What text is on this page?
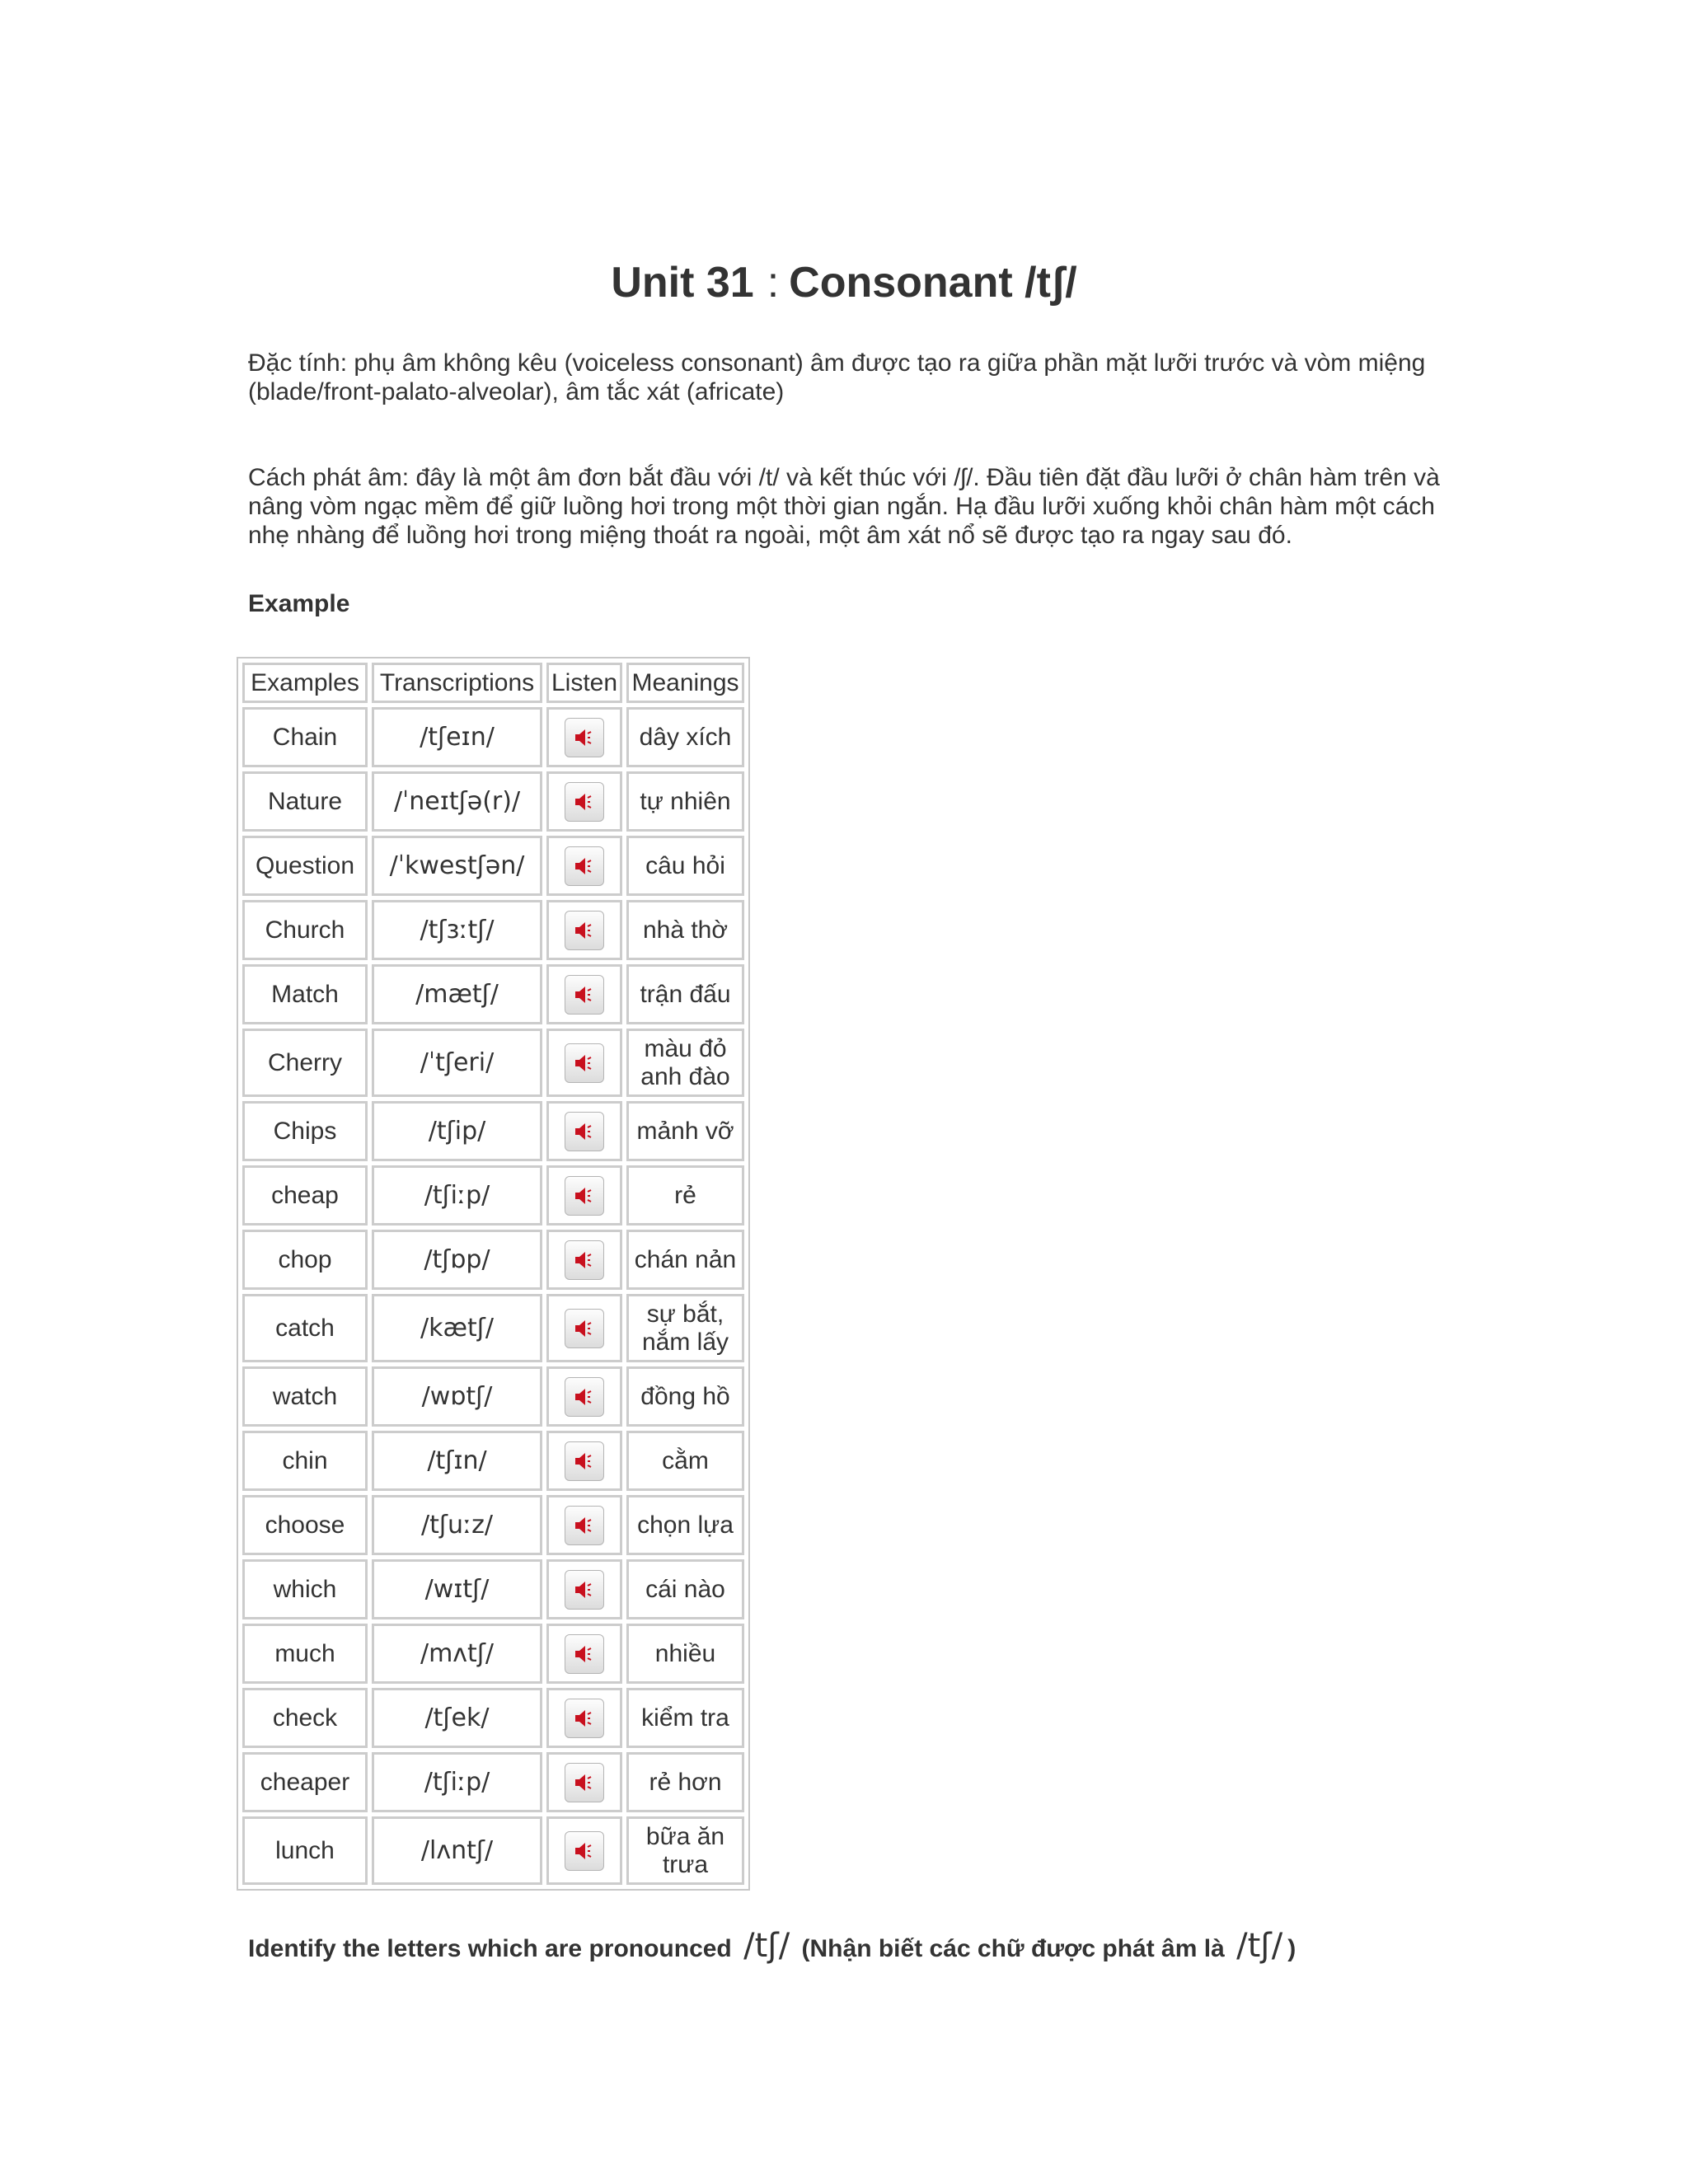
Unit 31 : Consonant /tʃ/

Đặc tính: phụ âm không kêu (voiceless consonant) âm được tạo ra giữa phần mặt lưỡi trước và vòm miệng (blade/front-palato-alveolar), âm tắc xát (africate)

Cách phát âm: đây là một âm đơn bắt đầu với /t/ và kết thúc với /ʃ/. Đầu tiên đặt đầu lưỡi ở chân hàm trên và nâng vòm ngạc mềm để giữ luồng hơi trong một thời gian ngắn. Hạ đầu lưỡi xuống khỏi chân hàm một cách nhẹ nhàng để luồng hơi trong miệng thoát ra ngoài, một âm xát nổ sẽ được tạo ra ngay sau đó.

Example
Examples	Transcriptions	Listen	Meanings
Chain	/tʃeɪn/		dây xích
Nature	/ˈneɪtʃə(r)/		tự nhiên
Question	/ˈkwestʃən/		câu hỏi
Church	/tʃɜːtʃ/		nhà thờ
Match	/mætʃ/		trận đấu
Cherry	/ˈtʃeri/		màu đỏ anh đào
Chips	/tʃip/		mảnh vỡ
cheap	/tʃiːp/		rẻ
chop	/tʃɒp/		chán nản
catch	/kætʃ/		sự bắt, nắm lấy
watch	/wɒtʃ/		đồng hồ
chin	/tʃɪn/		cằm
choose	/tʃuːz/		chọn lựa
which	/wɪtʃ/		cái nào
much	/mʌtʃ/		nhiều
check	/tʃek/		kiểm tra
cheaper	/tʃiːp/		rẻ hơn
lunch	/lʌntʃ/		bữa ăn trưa

Identify the letters which are pronounced /tʃ/ (Nhận biết các chữ được phát âm là /tʃ/ )
